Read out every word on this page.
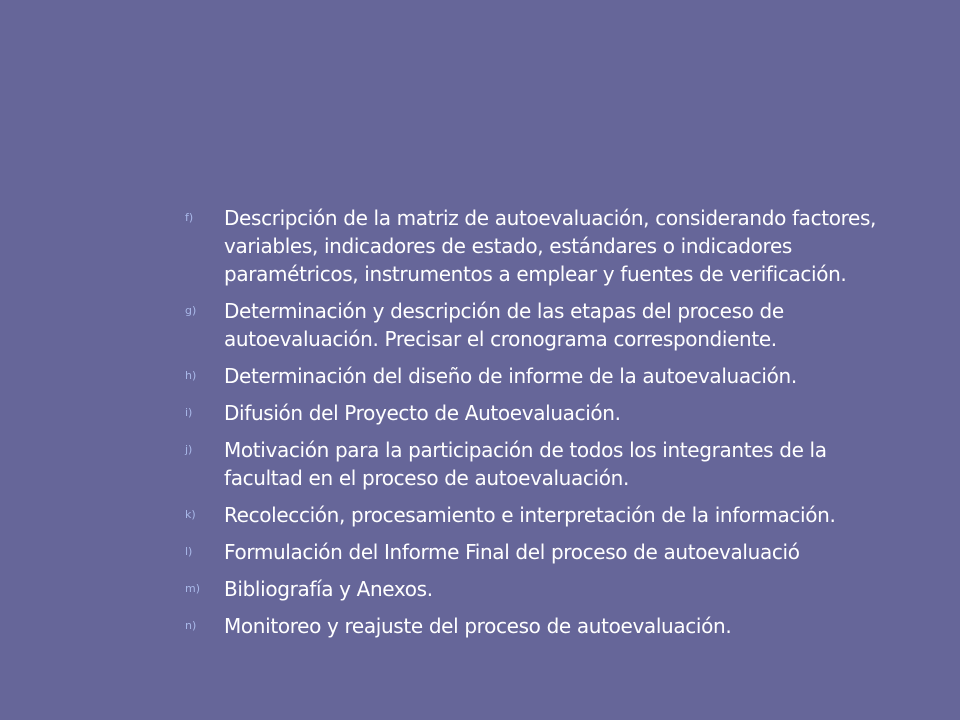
f)	Descripción de la matriz de autoevaluación, considerando factores, variables, indicadores de estado, estándares o indicadores paramétricos, instrumentos a emplear y fuentes de verificación.
g)	Determinación y descripción de las etapas del proceso de autoevaluación. Precisar el cronograma correspondiente.
h)	Determinación del diseño de informe de la autoevaluación.
i)	Difusión del Proyecto de Autoevaluación.
j)	Motivación para la participación de todos los integrantes de la facultad en el proceso de autoevaluación.
k)	Recolección, procesamiento e interpretación de la información.
l)	Formulación del Informe Final del proceso de autoevaluació
m)	Bibliografía y Anexos.
n)	Monitoreo y reajuste del proceso de autoevaluación.
